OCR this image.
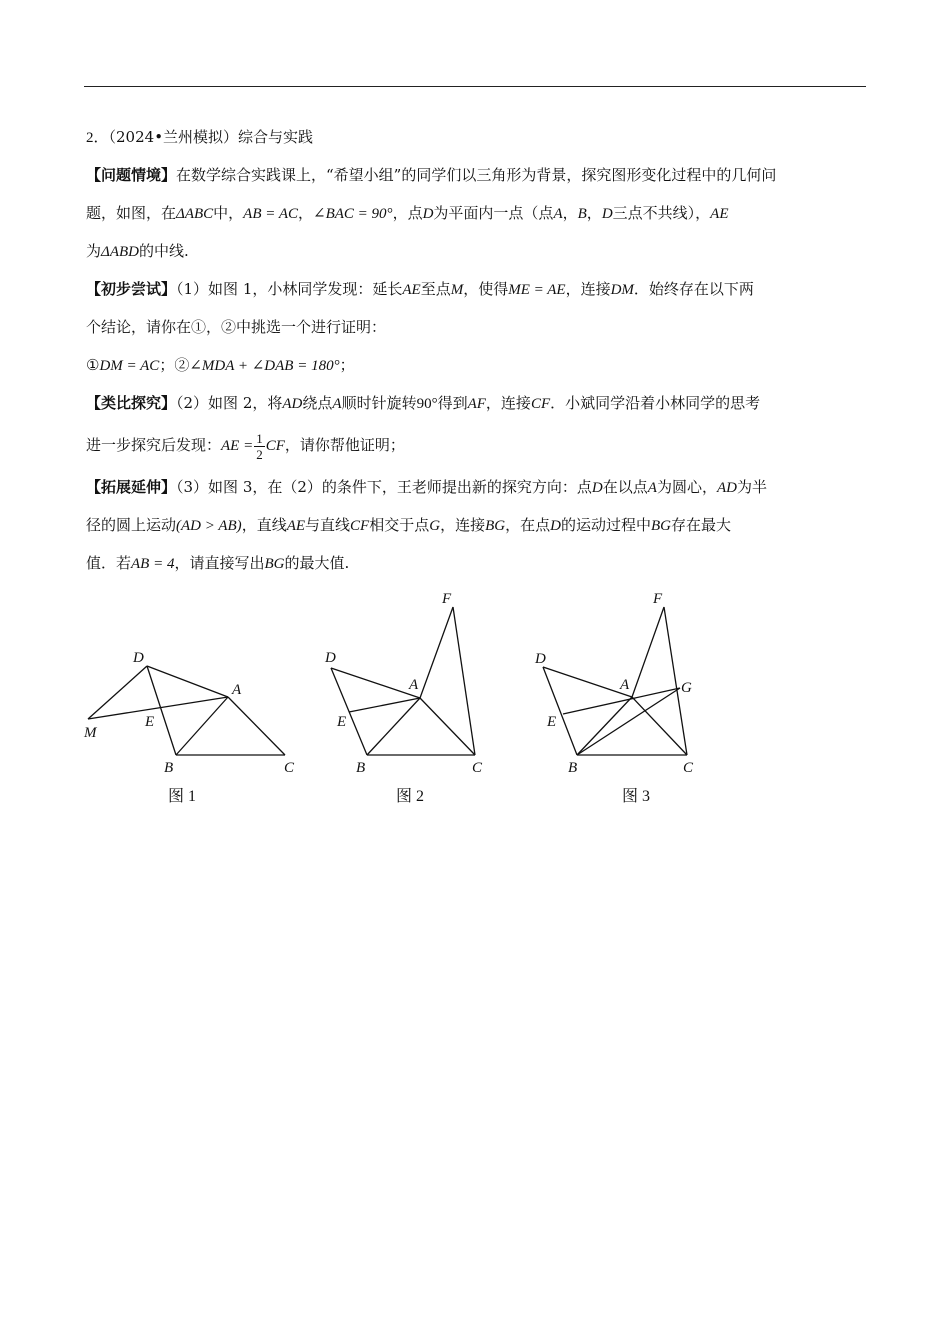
2．（2024•兰州模拟）综合与实践
【问题情境】在数学综合实践课上，“希望小组”的同学们以三角形为背景，探究图形变化过程中的几何问
题，如图，在ΔABC中，AB = AC，∠BAC = 90°，点D为平面内一点（点A，B，D三点不共线），AE
为ΔABD的中线.
【初步尝试】（1）如图 1，小林同学发现：延长AE至点M，使得ME = AE，连接DM．始终存在以下两
个结论，请你在①，②中挑选一个进行证明：
①DM = AC；②∠MDA + ∠DAB = 180°；
【类比探究】（2）如图 2，将AD绕点A顺时针旋转90°得到AF，连接CF．小斌同学沿着小林同学的思考
进一步探究后发现：AE = $\frac{1}{2}$ CF，请你帮他证明；
【拓展延伸】（3）如图 3，在（2）的条件下，王老师提出新的探究方向：点D在以点A为圆心，AD为半
径的圆上运动(AD > AB)，直线AE与直线CF相交于点G，连接BG，在点D的运动过程中BG存在最大
值．若AB = 4，请直接写出BG的最大值.
D
A
M
E
B	C
D
A
E
F
B	C
D
A
E
F
G
B	C
图 1	图 2	图 3
